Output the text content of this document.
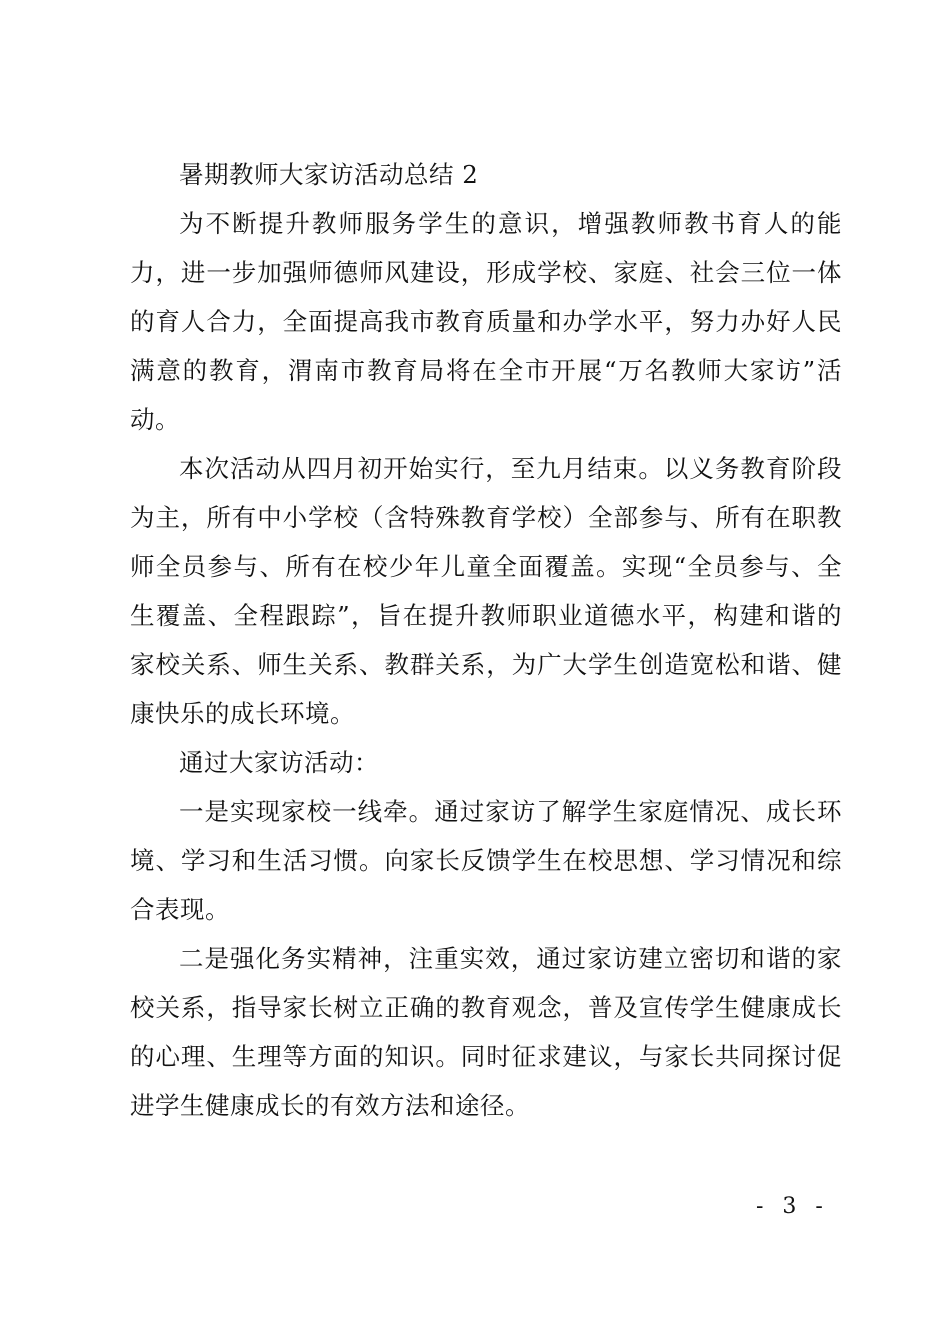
暑期教师大家访活动总结 2
为不断提升教师服务学生的意识，增强教师教书育人的能
力，进一步加强师德师风建设，形成学校、家庭、社会三位一体
的育人合力，全面提高我市教育质量和办学水平，努力办好人民
满意的教育，渭南市教育局将在全市开展“万名教师大家访”活
动。
本次活动从四月初开始实行，至九月结束。以义务教育阶段
为主，所有中小学校（含特殊教育学校）全部参与、所有在职教
师全员参与、所有在校少年儿童全面覆盖。实现“全员参与、全
生覆盖、全程跟踪”，旨在提升教师职业道德水平，构建和谐的
家校关系、师生关系、教群关系，为广大学生创造宽松和谐、健
康快乐的成长环境。
通过大家访活动：
一是实现家校一线牵。通过家访了解学生家庭情况、成长环
境、学习和生活习惯。向家长反馈学生在校思想、学习情况和综
合表现。
二是强化务实精神，注重实效，通过家访建立密切和谐的家
校关系，指导家长树立正确的教育观念，普及宣传学生健康成长
的心理、生理等方面的知识。同时征求建议，与家长共同探讨促
进学生健康成长的有效方法和途径。
- 3 -
